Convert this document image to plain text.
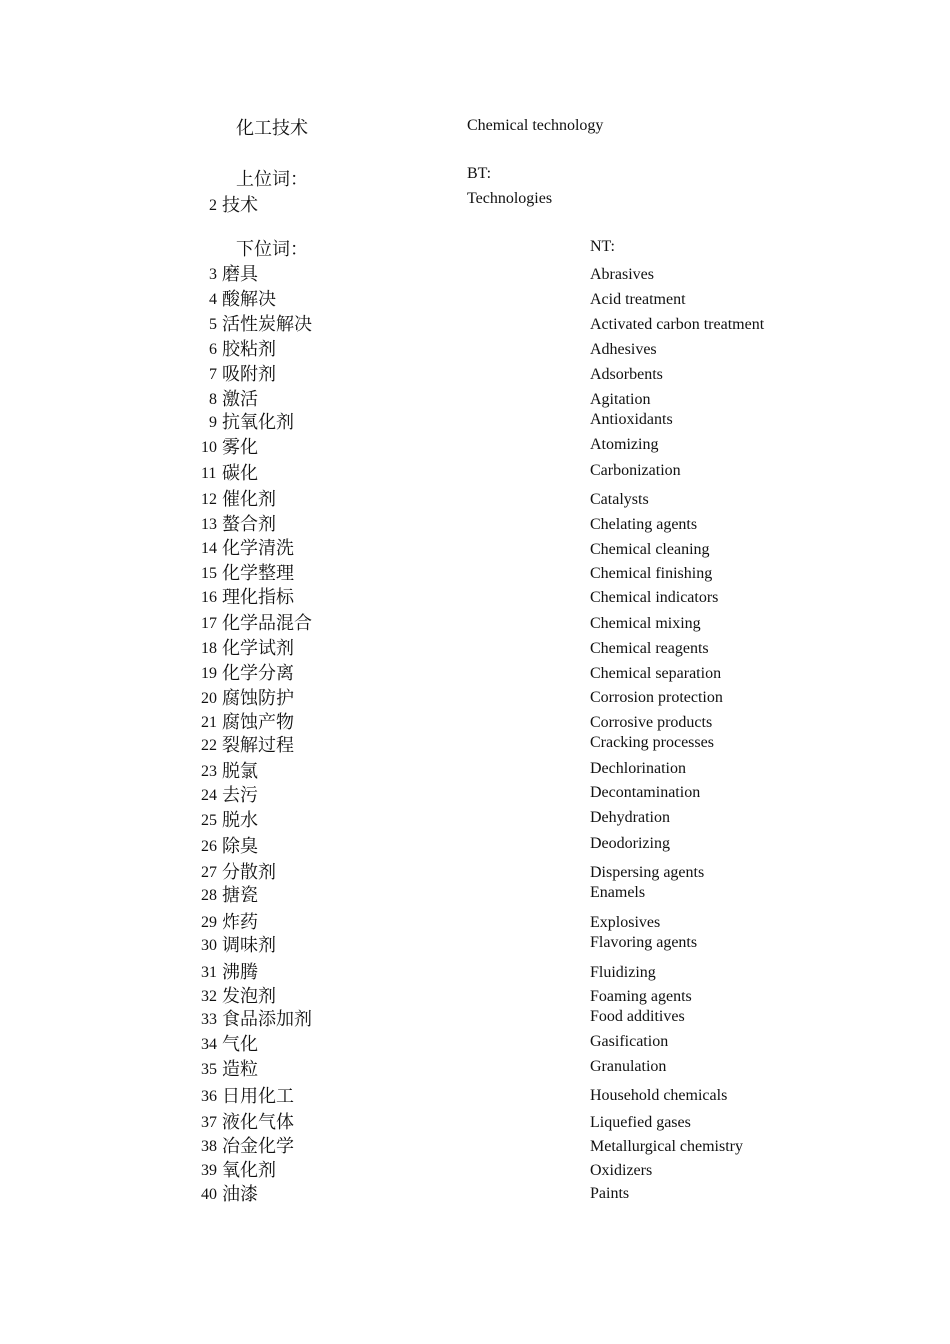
化工技术	Chemical technology
上位词：	BT:
2 技术	Technologies
下位词：	NT:
3 磨具	Abrasives
4 酸解决	Acid treatment
5 活性炭解决	Activated carbon treatment
6 胶粘剂	Adhesives
7 吸附剂	Adsorbents
8 激活	Agitation
9 抗氧化剂	Antioxidants
10 雾化	Atomizing
11 碳化	Carbonization
12 催化剂	Catalysts
13 螯合剂	Chelating agents
14 化学清洗	Chemical cleaning
15 化学整理	Chemical finishing
16 理化指标	Chemical indicators
17 化学品混合	Chemical mixing
18 化学试剂	Chemical reagents
19 化学分离	Chemical separation
20 腐蚀防护	Corrosion protection
21 腐蚀产物	Corrosive products
22 裂解过程	Cracking processes
23 脱氯	Dechlorination
24 去污	Decontamination
25 脱水	Dehydration
26 除臭	Deodorizing
27 分散剂	Dispersing agents
28 搪瓷	Enamels
29 炸药	Explosives
30 调味剂	Flavoring agents
31 沸腾	Fluidizing
32 发泡剂	Foaming agents
33 食品添加剂	Food additives
34 气化	Gasification
35 造粒	Granulation
36 日用化工	Household chemicals
37 液化气体	Liquefied gases
38 冶金化学	Metallurgical chemistry
39 氧化剂	Oxidizers
40 油漆	Paints
